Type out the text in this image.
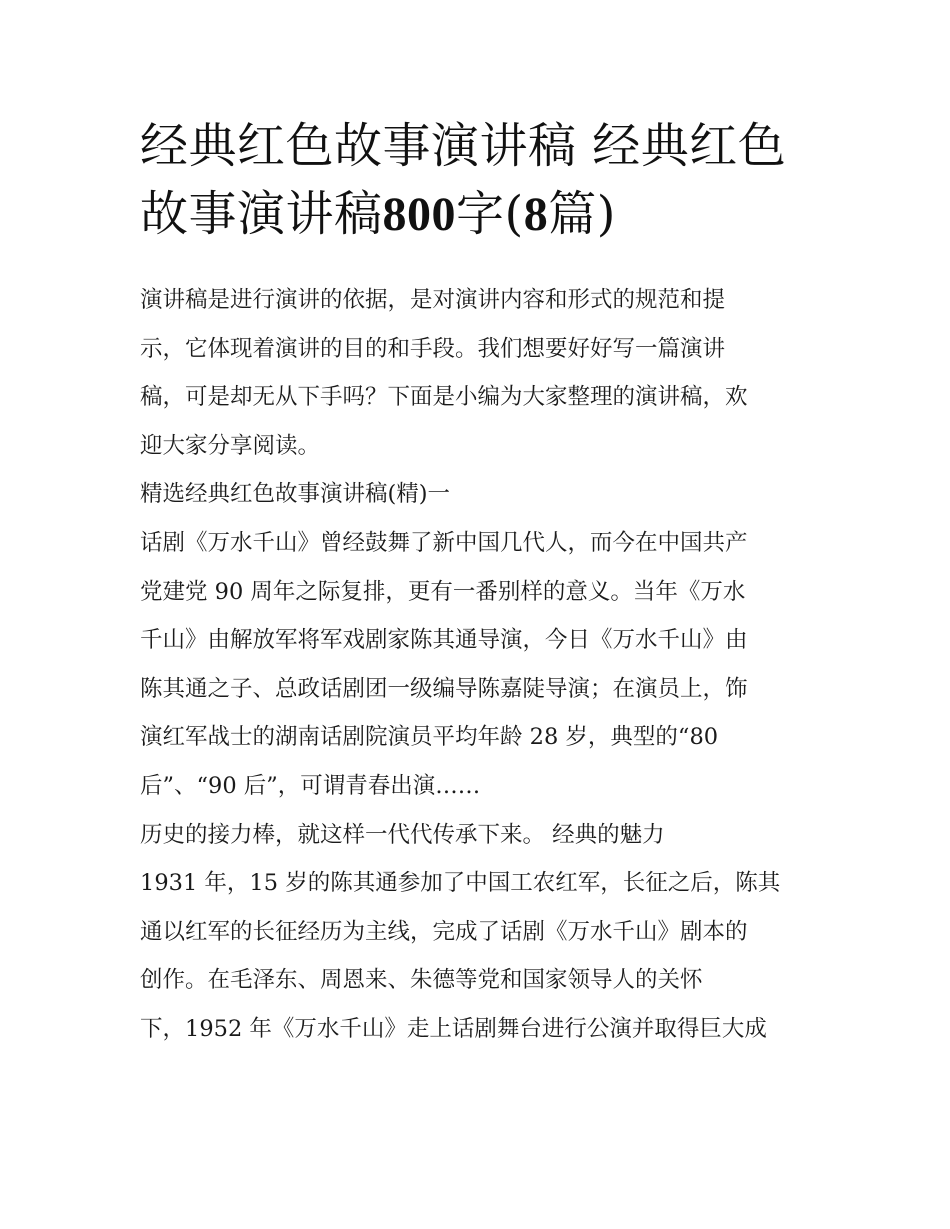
经典红色故事演讲稿 经典红色
故事演讲稿800字(8篇)

演讲稿是进行演讲的依据，是对演讲内容和形式的规范和提

示，它体现着演讲的目的和手段。我们想要好好写一篇演讲

稿，可是却无从下手吗？下面是小编为大家整理的演讲稿，欢

迎大家分享阅读。

精选经典红色故事演讲稿(精)一

话剧《万水千山》曾经鼓舞了新中国几代人，而今在中国共产

党建党 90 周年之际复排，更有一番别样的意义。当年《万水

千山》由解放军将军戏剧家陈其通导演，今日《万水千山》由

陈其通之子、总政话剧团一级编导陈嘉陡导演；在演员上，饰

演红军战士的湖南话剧院演员平均年龄 28 岁，典型的“80

后”、“90 后”，可谓青春出演……

历史的接力棒，就这样一代代传承下来。 经典的魅力

1931 年，15 岁的陈其通参加了中国工农红军，长征之后，陈其

通以红军的长征经历为主线，完成了话剧《万水千山》剧本的

创作。在毛泽东、周恩来、朱德等党和国家领导人的关怀

下，1952 年《万水千山》走上话剧舞台进行公演并取得巨大成
